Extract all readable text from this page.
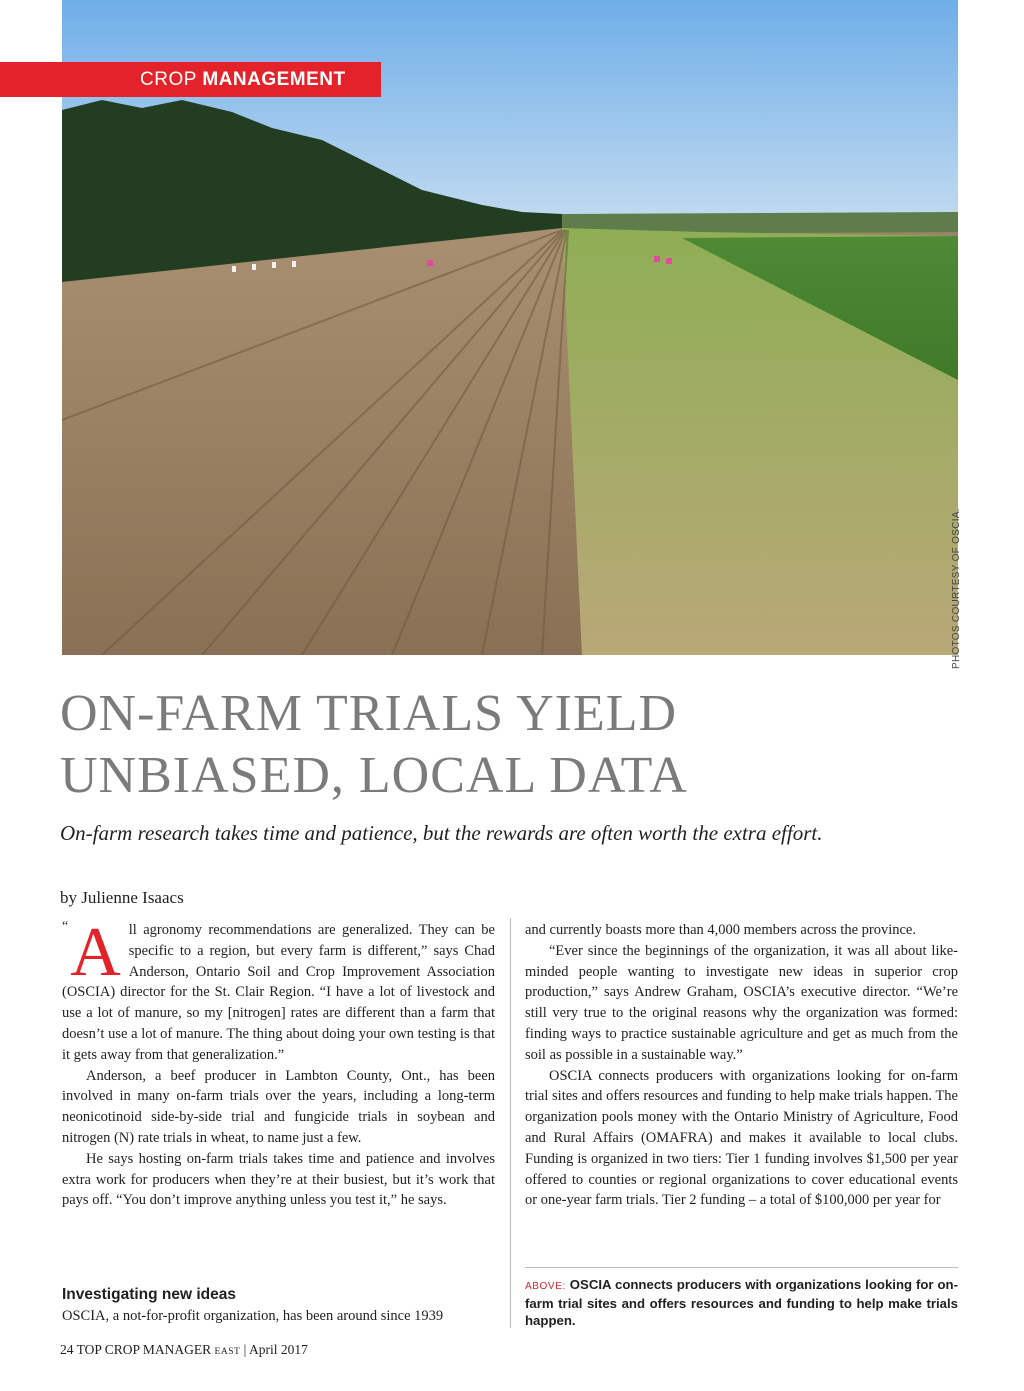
CROP MANAGEMENT
PHOTOS COURTESY OF OSCIA.
ON-FARM TRIALS YIELD
UNBIASED, LOCAL DATA

On-farm research takes time and patience, but the rewards are often worth the extra effort.

by Julienne Isaacs

“ A ll agronomy recommendations are generalized. They can be specific to a region, but every farm is different,” says Chad Anderson, Ontario Soil and Crop Improvement Association (OSCIA) director for the St. Clair Region. “I have a lot of livestock and use a lot of manure, so my [nitrogen] rates are different than a farm that doesn’t use a lot of manure. The thing about doing your own testing is that it gets away from that generalization.”

Anderson, a beef producer in Lambton County, Ont., has been involved in many on-farm trials over the years, including a long-term neonicotinoid side-by-side trial and fungicide trials in soybean and nitrogen (N) rate trials in wheat, to name just a few.

He says hosting on-farm trials takes time and patience and involves extra work for producers when they’re at their busiest, but it’s work that pays off. “You don’t improve anything unless you test it,” he says.

Investigating new ideas

OSCIA, a not-for-profit organization, has been around since 1939

and currently boasts more than 4,000 members across the province.

“Ever since the beginnings of the organization, it was all about like-minded people wanting to investigate new ideas in superior crop production,” says Andrew Graham, OSCIA’s executive director. “We’re still very true to the original reasons why the organization was formed: finding ways to practice sustainable agriculture and get as much from the soil as possible in a sustainable way.”

OSCIA connects producers with organizations looking for on-farm trial sites and offers resources and funding to help make trials happen. The organization pools money with the Ontario Ministry of Agriculture, Food and Rural Affairs (OMAFRA) and makes it available to local clubs. Funding is organized in two tiers: Tier 1 funding involves $1,500 per year offered to counties or regional organizations to cover educational events or one-year farm trials. Tier 2 funding – a total of $100,000 per year for

ABOVE: OSCIA connects producers with organizations looking for on-farm trial sites and offers resources and funding to help make trials happen.

24 TOP CROP MANAGER EAST | April 2017
